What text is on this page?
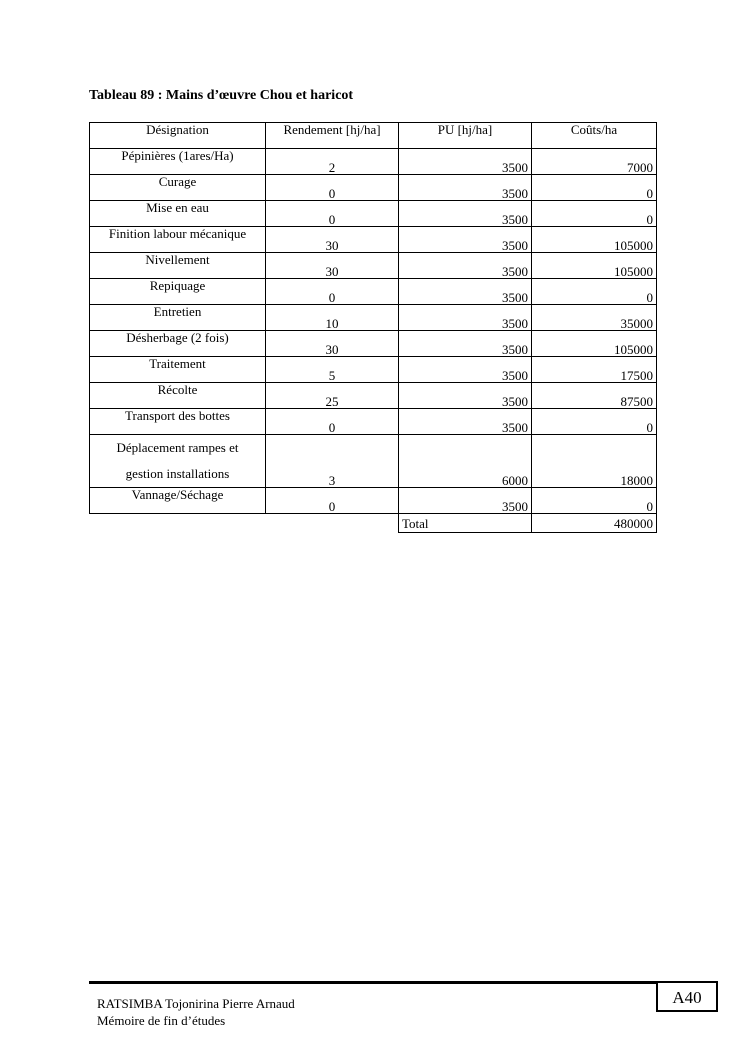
Tableau 89 : Mains d’œuvre Chou et haricot
Désignation	Rendement [hj/ha]	PU [hj/ha]	Coûts/ha
Pépinières (1ares/Ha)	2	3500	7000
Curage	0	3500	0
Mise en eau	0	3500	0
Finition labour mécanique	30	3500	105000
Nivellement	30	3500	105000
Repiquage	0	3500	0
Entretien	10	3500	35000
Désherbage (2 fois)	30	3500	105000
Traitement	5	3500	17500
Récolte	25	3500	87500
Transport des bottes	0	3500	0
Déplacement rampes et
gestion installations	3	6000	18000
Vannage/Séchage	0	3500	0
		Total	480000
RATSIMBA Tojonirina Pierre Arnaud
Mémoire de fin d’études
A40
